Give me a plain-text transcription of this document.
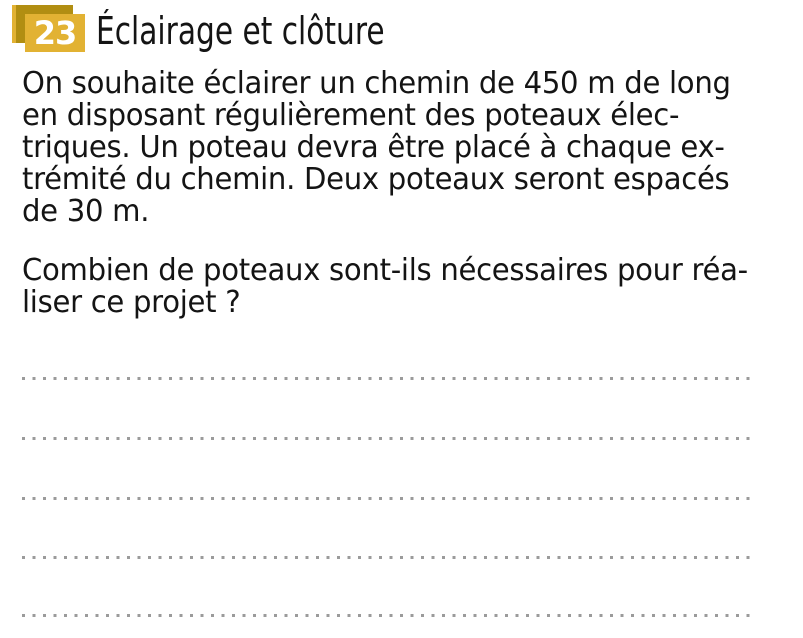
23 Éclairage et clôture
On souhaite éclairer un chemin de 450 m de long
en disposant régulièrement des poteaux élec-
triques. Un poteau devra être placé à chaque ex-
trémité du chemin. Deux poteaux seront espacés
de 30 m.
Combien de poteaux sont-ils nécessaires pour réa-
liser ce projet ?
